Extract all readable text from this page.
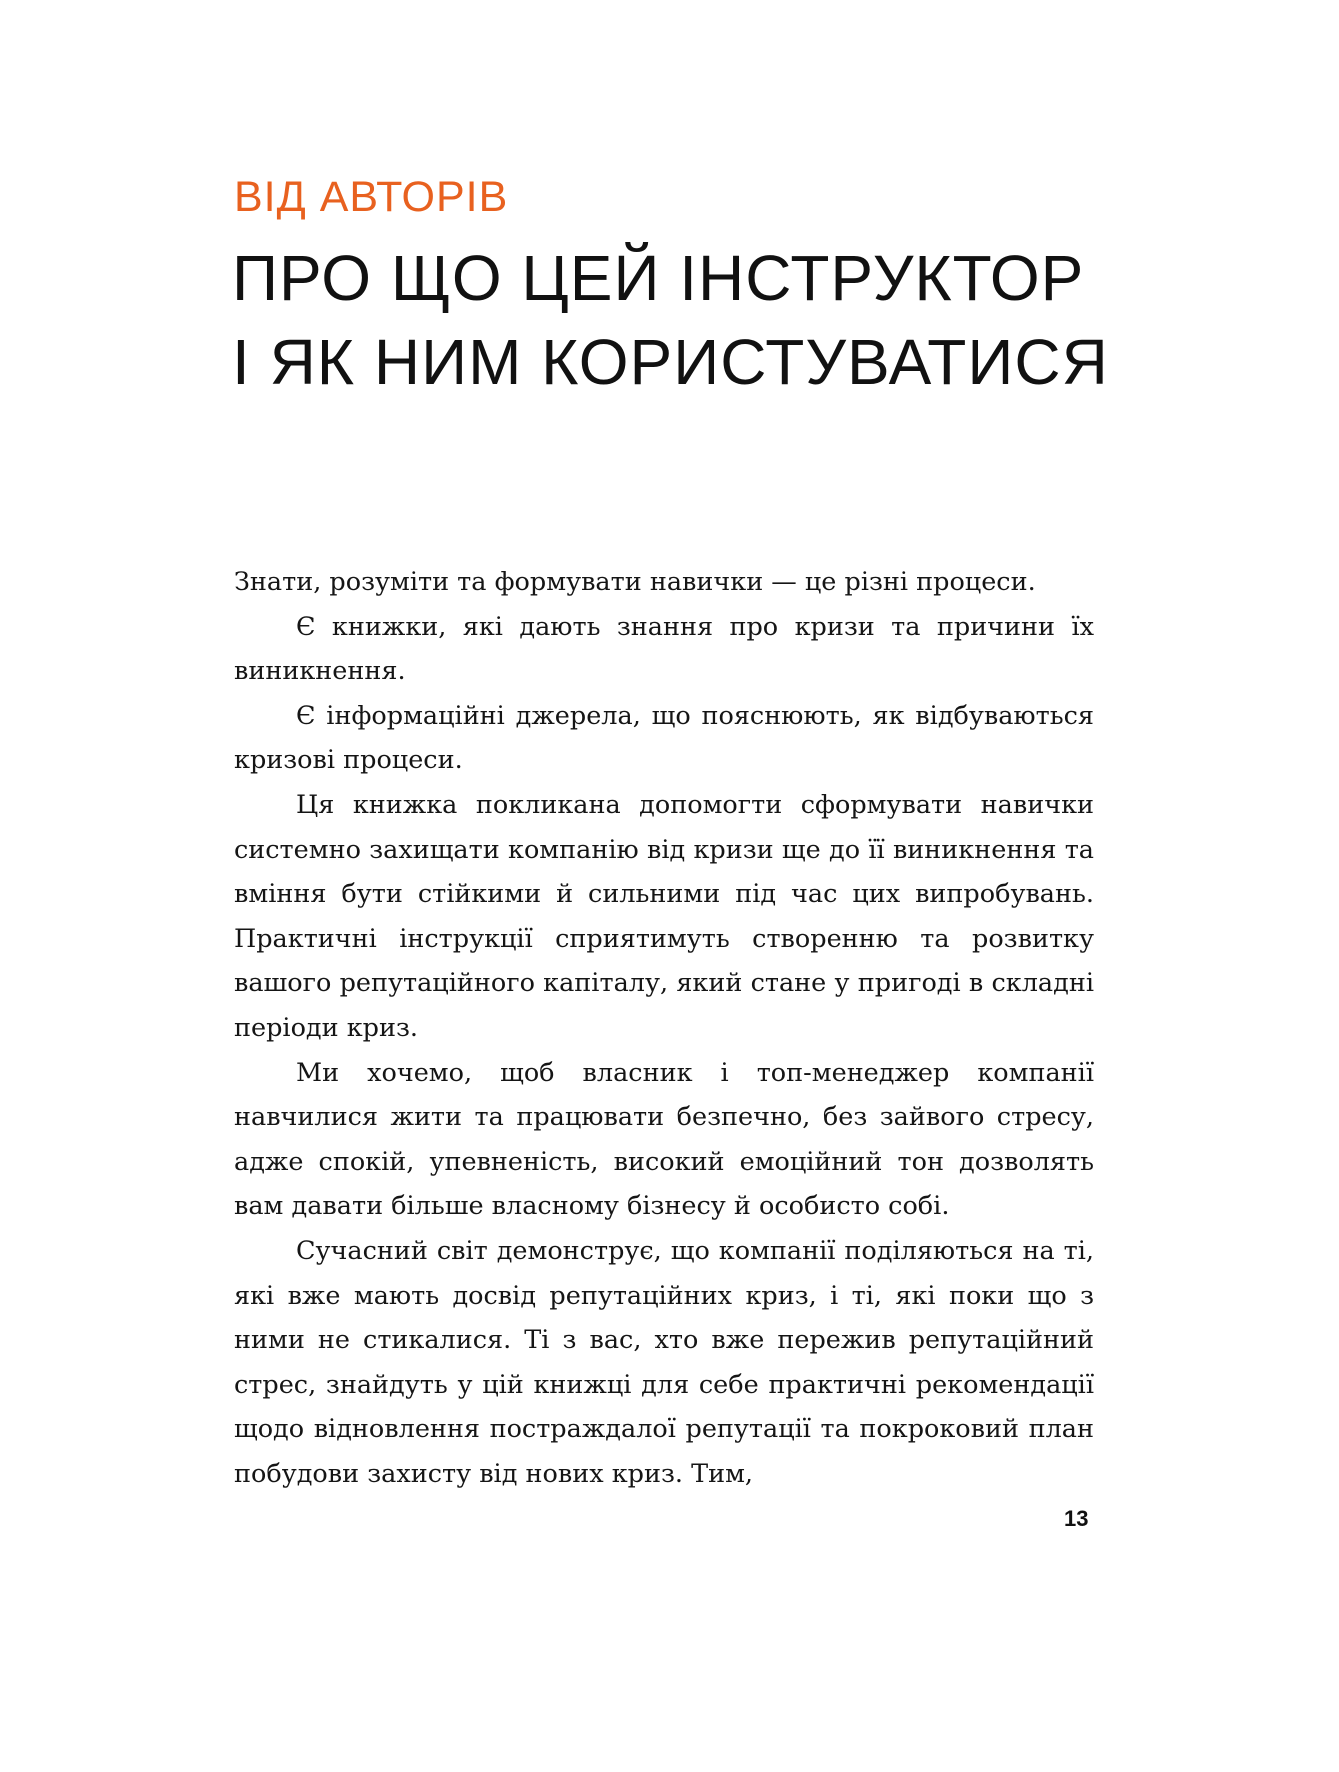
ВІД АВТОРІВ
ПРО ЩО ЦЕЙ ІНСТРУКТОР
І ЯК НИМ КОРИСТУВАТИСЯ

Знати, розуміти та формувати навички — це різні процеси.

Є книжки, які дають знання про кризи та причини їх виникнення.

Є інформаційні джерела, що пояснюють, як відбуваються кризові процеси.

Ця книжка покликана допомогти сформувати навички системно захищати компанію від кризи ще до її виникнення та вміння бути стійкими й сильними під час цих випробувань. Практичні інструкції сприятимуть створенню та розвитку вашого репутаційного капіталу, який стане у пригоді в складні періоди криз.

Ми хочемо, щоб власник і топ-менеджер компанії навчилися жити та працювати безпечно, без зайвого стресу, адже спокій, упевненість, високий емоційний тон дозволять вам давати більше власному бізнесу й особисто собі.

Сучасний світ демонструє, що компанії поділяються на ті, які вже мають досвід репутаційних криз, і ті, які поки що з ними не стикалися. Ті з вас, хто вже пережив репутаційний стрес, знайдуть у цій книжці для себе практичні рекомендації щодо відновлення постраждалої репутації та покроковий план побудови захисту від нових криз. Тим,

13
